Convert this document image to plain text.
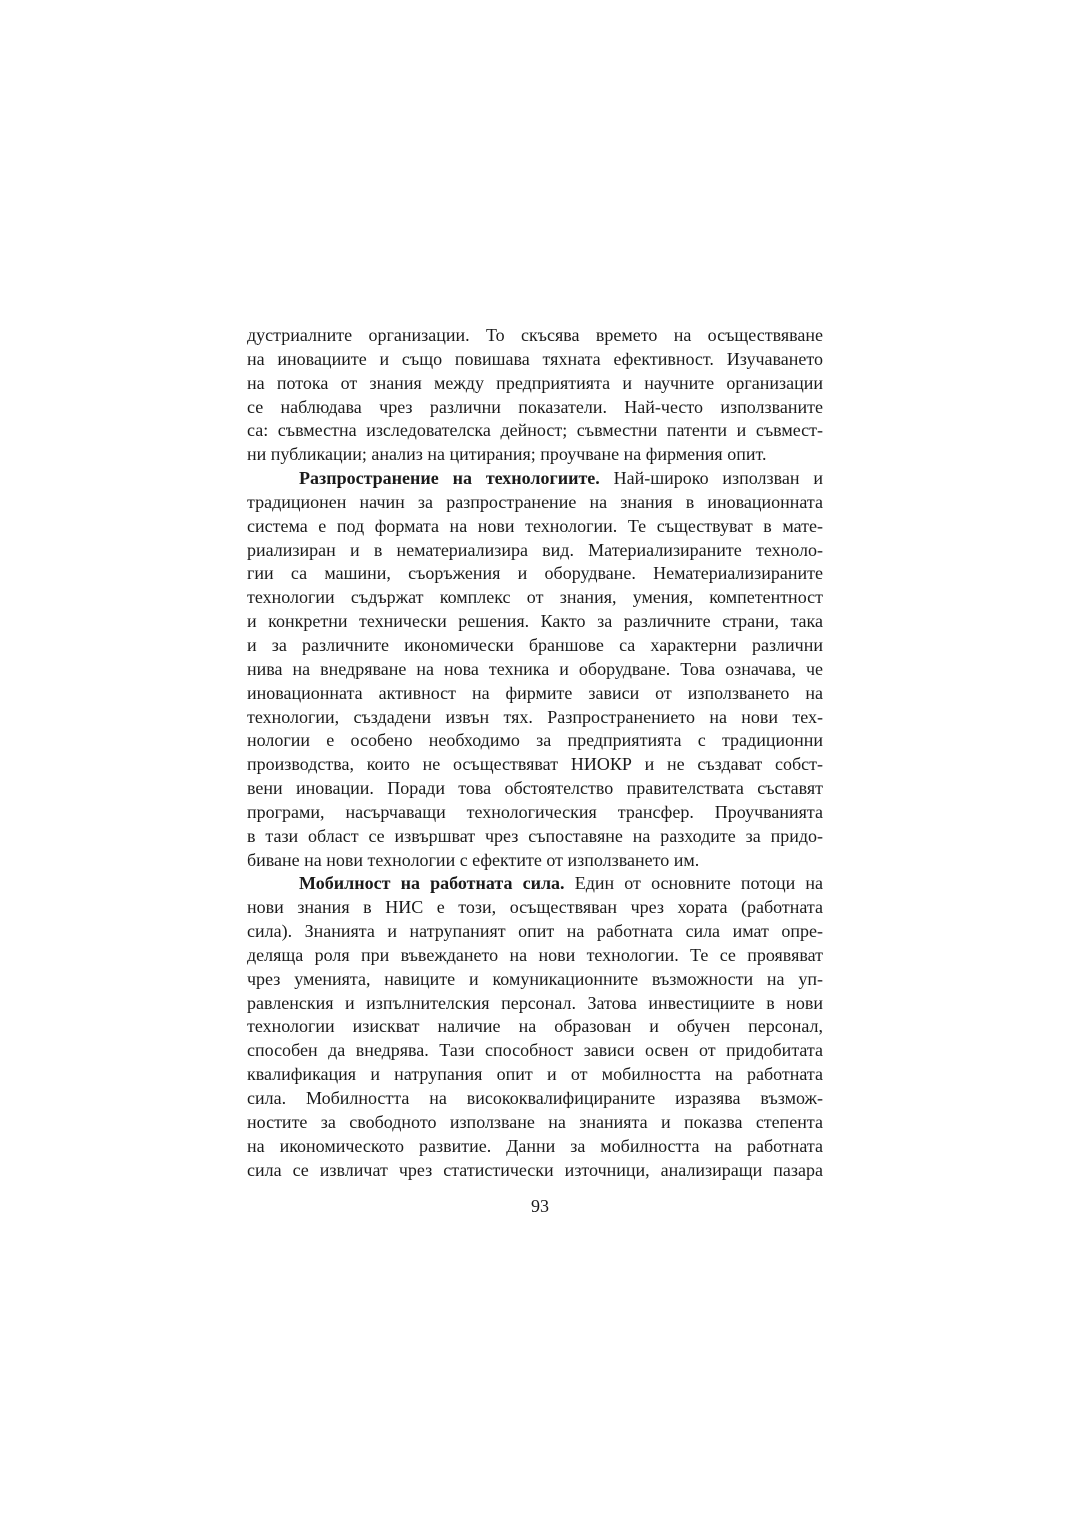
дустриалните организации. То скъсява времето на осъществяване
на иновациите и също повишава тяхната ефективност. Изучаването
на потока от знания между предприятията и научните организации
се наблюдава чрез различни показатели. Най-често използваните
са: съвместна изследователска дейност; съвместни патенти и съвмест-
ни публикации; анализ на цитирания; проучване на фирмения опит.
Разпространение на технологиите. Най-широко използван и
традиционен начин за разпространение на знания в иновационната
система е под формата на нови технологии. Те съществуват в мате-
риализиран и в нематериализира вид. Материализираните техноло-
гии са машини, съоръжения и оборудване. Нематериализираните
технологии съдържат комплекс от знания, умения, компетентност
и конкретни технически решения. Както за различните страни, така
и за различните икономически браншове са характерни различни
нива на внедряване на нова техника и оборудване. Това означава, че
иновационната активност на фирмите зависи от използването на
технологии, създадени извън тях. Разпространението на нови тех-
нологии е особено необходимо за предприятията с традиционни
производства, които не осъществяват НИОКР и не създават собст-
вени иновации. Поради това обстоятелство правителствата съставят
програми, насърчаващи технологическия трансфер. Проучванията
в тази област се извършват чрез съпоставяне на разходите за придо-
биване на нови технологии с ефектите от използването им.
Мобилност на работната сила. Един от основните потоци на
нови знания в НИС е този, осъществяван чрез хората (работната
сила). Знанията и натрупаният опит на работната сила имат опре-
деляща роля при въвеждането на нови технологии. Те се проявяват
чрез уменията, навиците и комуникационните възможности на уп-
равленския и изпълнителския персонал. Затова инвестициите в нови
технологии изискват наличие на образован и обучен персонал,
способен да внедрява. Тази способност зависи освен от придобитата
квалификация и натрупания опит и от мобилността на работната
сила. Мобилността на висококвалифицираните изразява възмож-
ностите за свободното използване на знанията и показва степента
на икономическото развитие. Данни за мобилността на работната
сила се извличат чрез статистически източници, анализиращи пазара
93
